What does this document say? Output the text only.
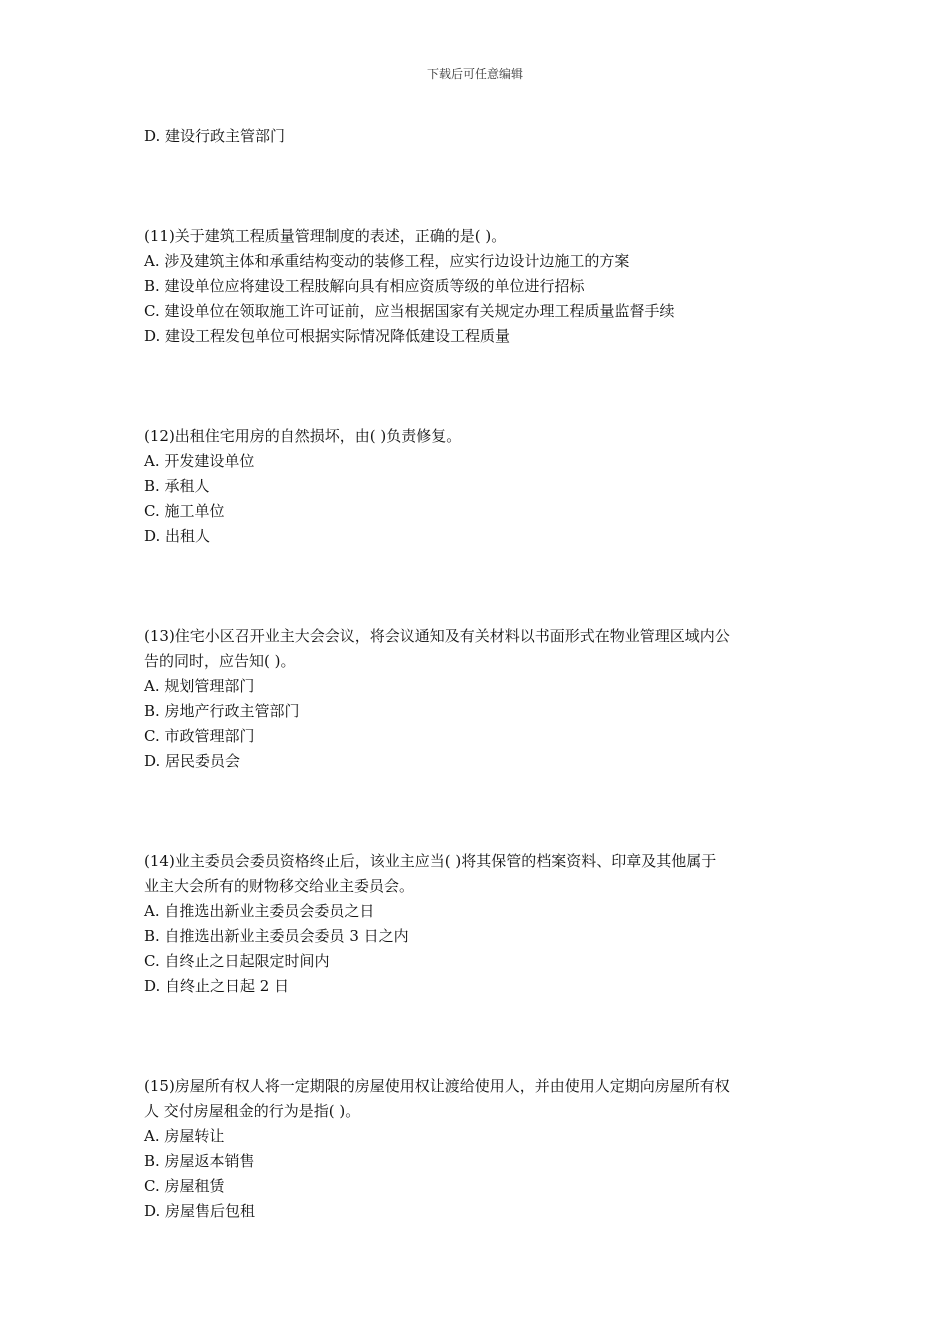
下载后可任意编辑
D. 建设行政主管部门
(11)关于建筑工程质量管理制度的表述，正确的是( )。
A. 涉及建筑主体和承重结构变动的装修工程，应实行边设计边施工的方案
B. 建设单位应将建设工程肢解向具有相应资质等级的单位进行招标
C. 建设单位在领取施工许可证前，应当根据国家有关规定办理工程质量监督手续
D. 建设工程发包单位可根据实际情况降低建设工程质量
(12)出租住宅用房的自然损坏，由( )负责修复。
A. 开发建设单位
B. 承租人
C. 施工单位
D. 出租人
(13)住宅小区召开业主大会会议，将会议通知及有关材料以书面形式在物业管理区域内公
告的同时，应告知( )。
A. 规划管理部门
B. 房地产行政主管部门
C. 市政管理部门
D. 居民委员会
(14)业主委员会委员资格终止后，该业主应当( )将其保管的档案资料、印章及其他属于
业主大会所有的财物移交给业主委员会。
A. 自推选出新业主委员会委员之日
B. 自推选出新业主委员会委员 3 日之内
C. 自终止之日起限定时间内
D. 自终止之日起 2 日
(15)房屋所有权人将一定期限的房屋使用权让渡给使用人，并由使用人定期向房屋所有权
人 交付房屋租金的行为是指( )。
A. 房屋转让
B. 房屋返本销售
C. 房屋租赁
D. 房屋售后包租
